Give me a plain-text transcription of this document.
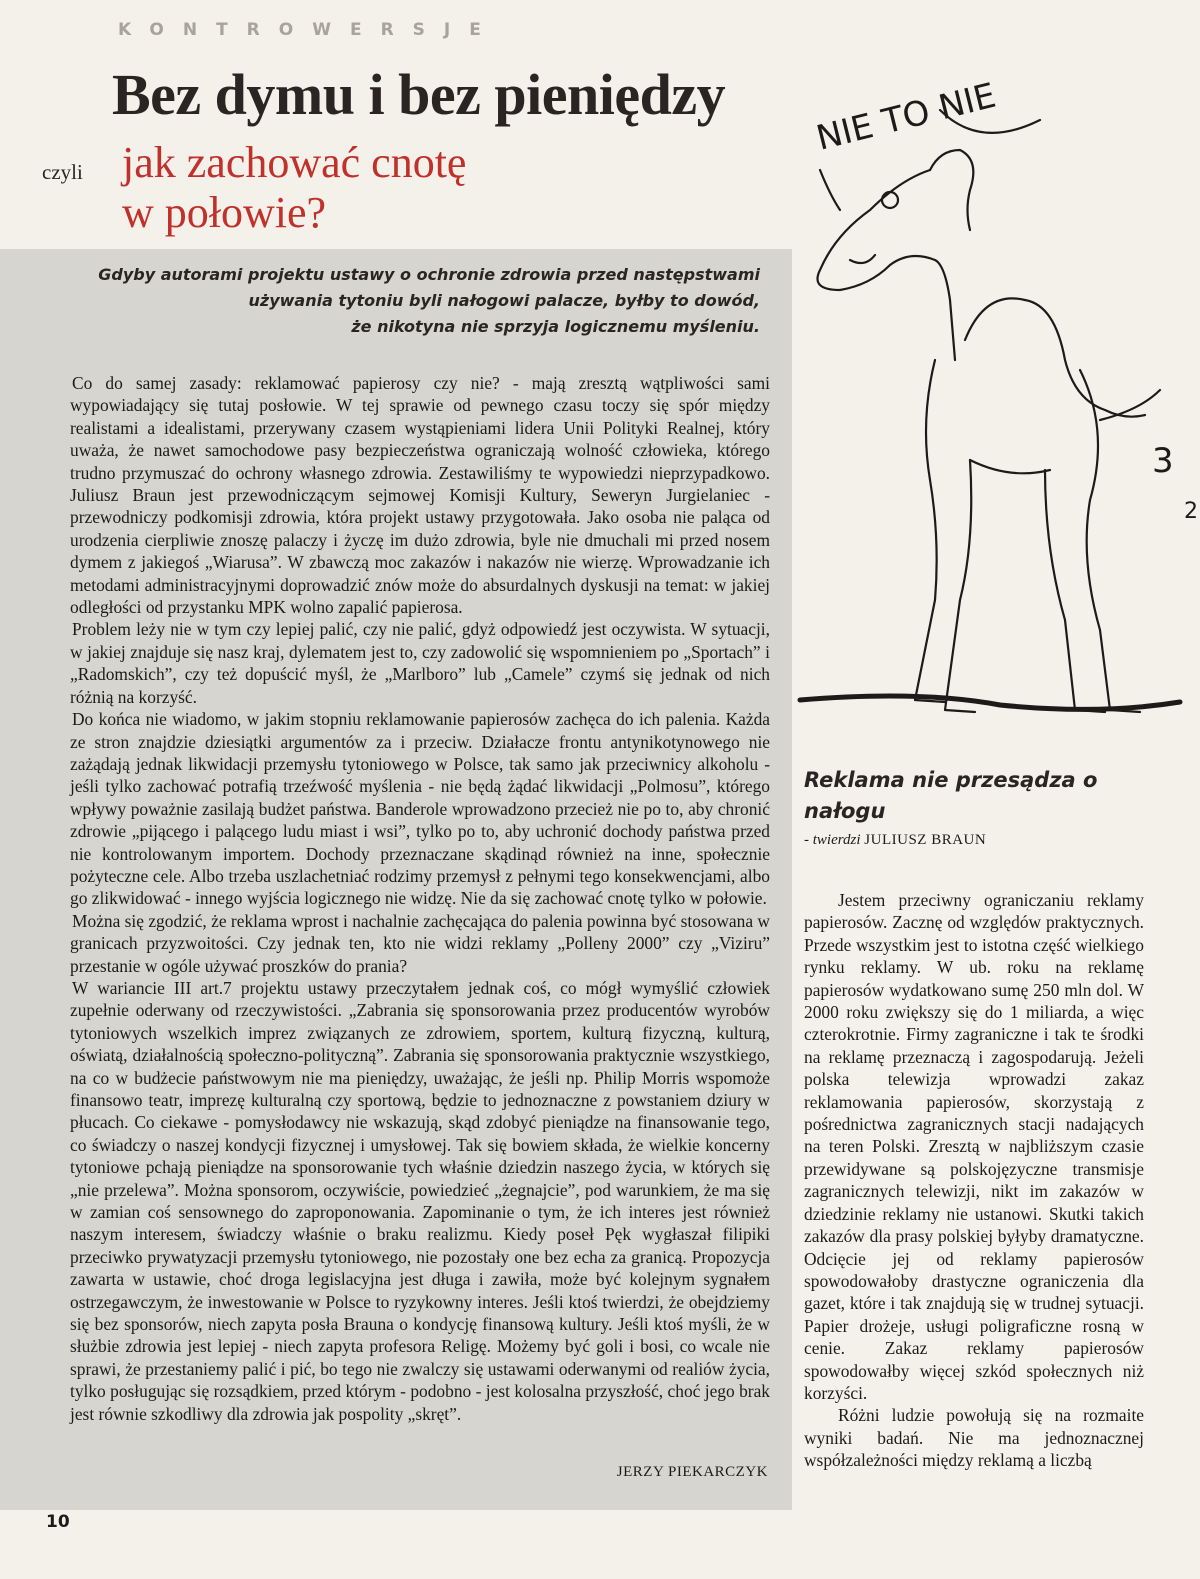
KONTROWERSJE
Bez dymu i bez pieniędzy
czyli jak zachować cnotę
w połowie?
Gdyby autorami projektu ustawy o ochronie zdrowia przed następstwami
używania tytoniu byli nałogowi palacze, byłby to dowód,
że nikotyna nie sprzyja logicznemu myśleniu.

Co do samej zasady: reklamować papierosy czy nie? - mają zresztą wątpliwości sami wypowiadający się tutaj posłowie. W tej sprawie od pewnego czasu toczy się spór między realistami a idealistami, przerywany czasem wystąpieniami lidera Unii Polityki Realnej, który uważa, że nawet samochodowe pasy bezpieczeństwa ograniczają wolność człowieka, którego trudno przymuszać do ochrony własnego zdrowia. Zestawiliśmy te wypowiedzi nieprzypadkowo. Juliusz Braun jest przewodniczącym sejmowej Komisji Kultury, Seweryn Jurgielaniec - przewodniczy podkomisji zdrowia, która projekt ustawy przygotowała. Jako osoba nie paląca od urodzenia cierpliwie znoszę palaczy i życzę im dużo zdrowia, byle nie dmuchali mi przed nosem dymem z jakiegoś „Wiarusa”. W zbawczą moc zakazów i nakazów nie wierzę. Wprowadzanie ich metodami administracyjnymi doprowadzić znów może do absurdalnych dyskusji na temat: w jakiej odległości od przystanku MPK wolno zapalić papierosa.

Problem leży nie w tym czy lepiej palić, czy nie palić, gdyż odpowiedź jest oczywista. W sytuacji, w jakiej znajduje się nasz kraj, dylematem jest to, czy zadowolić się wspomnieniem po „Sportach” i „Radomskich”, czy też dopuścić myśl, że „Marlboro” lub „Camele” czymś się jednak od nich różnią na korzyść.

Do końca nie wiadomo, w jakim stopniu reklamowanie papierosów zachęca do ich palenia. Każda ze stron znajdzie dziesiątki argumentów za i przeciw. Działacze frontu antynikotynowego nie zażądają jednak likwidacji przemysłu tytoniowego w Polsce, tak samo jak przeciwnicy alkoholu - jeśli tylko zachować potrafią trzeźwość myślenia - nie będą żądać likwidacji „Polmosu”, którego wpływy poważnie zasilają budżet państwa. Banderole wprowadzono przecież nie po to, aby chronić zdrowie „pijącego i palącego ludu miast i wsi”, tylko po to, aby uchronić dochody państwa przed nie kontrolowanym importem. Dochody przeznaczane skądinąd również na inne, społecznie pożyteczne cele. Albo trzeba uszlachetniać rodzimy przemysł z pełnymi tego konsekwencjami, albo go zlikwidować - innego wyjścia logicznego nie widzę. Nie da się zachować cnotę tylko w połowie.

Można się zgodzić, że reklama wprost i nachalnie zachęcająca do palenia powinna być stosowana w granicach przyzwoitości. Czy jednak ten, kto nie widzi reklamy „Polleny 2000” czy „Viziru” przestanie w ogóle używać proszków do prania?

W wariancie III art.7 projektu ustawy przeczytałem jednak coś, co mógł wymyślić człowiek zupełnie oderwany od rzeczywistości. „Zabrania się sponsorowania przez producentów wyrobów tytoniowych wszelkich imprez związanych ze zdrowiem, sportem, kulturą fizyczną, kulturą, oświatą, działalnością społeczno-polityczną”. Zabrania się sponsorowania praktycznie wszystkiego, na co w budżecie państwowym nie ma pieniędzy, uważając, że jeśli np. Philip Morris wspomoże finansowo teatr, imprezę kulturalną czy sportową, będzie to jednoznaczne z powstaniem dziury w płucach. Co ciekawe - pomysłodawcy nie wskazują, skąd zdobyć pieniądze na finansowanie tego, co świadczy o naszej kondycji fizycznej i umysłowej. Tak się bowiem składa, że wielkie koncerny tytoniowe pchają pieniądze na sponsorowanie tych właśnie dziedzin naszego życia, w których się „nie przelewa”. Można sponsorom, oczywiście, powiedzieć „żegnajcie”, pod warunkiem, że ma się w zamian coś sensownego do zaproponowania. Zapominanie o tym, że ich interes jest również naszym interesem, świadczy właśnie o braku realizmu. Kiedy poseł Pęk wygłaszał filipiki przeciwko prywatyzacji przemysłu tytoniowego, nie pozostały one bez echa za granicą. Propozycja zawarta w ustawie, choć droga legislacyjna jest długa i zawiła, może być kolejnym sygnałem ostrzegawczym, że inwestowanie w Polsce to ryzykowny interes. Jeśli ktoś twierdzi, że obejdziemy się bez sponsorów, niech zapyta posła Brauna o kondycję finansową kultury. Jeśli ktoś myśli, że w służbie zdrowia jest lepiej - niech zapyta profesora Religę. Możemy być goli i bosi, co wcale nie sprawi, że przestaniemy palić i pić, bo tego nie zwalczy się ustawami oderwanymi od realiów życia, tylko posługując się rozsądkiem, przed którym - podobno - jest kolosalna przyszłość, choć jego brak jest równie szkodliwy dla zdrowia jak pospolity „skręt”.

JERZY PIEKARCZYK
10
NIE TO NIE
3
2
Reklama nie przesądza o nałogu
- twierdzi JULIUSZ BRAUN

Jestem przeciwny ograniczaniu reklamy papierosów. Zacznę od względów praktycznych. Przede wszystkim jest to istotna część wielkiego rynku reklamy. W ub. roku na reklamę papierosów wydatkowano sumę 250 mln dol. W 2000 roku zwiększy się do 1 miliarda, a więc czterokrotnie. Firmy zagraniczne i tak te środki na reklamę przeznaczą i zagospodarują. Jeżeli polska telewizja wprowadzi zakaz reklamowania papierosów, skorzystają z pośrednictwa zagranicznych stacji nadających na teren Polski. Zresztą w najbliższym czasie przewidywane są polskojęzyczne transmisje zagranicznych telewizji, nikt im zakazów w dziedzinie reklamy nie ustanowi. Skutki takich zakazów dla prasy polskiej byłyby dramatyczne. Odcięcie jej od reklamy papierosów spowodowałoby drastyczne ograniczenia dla gazet, które i tak znajdują się w trudnej sytuacji. Papier drożeje, usługi poligraficzne rosną w cenie. Zakaz reklamy papierosów spowodowałby więcej szkód społecznych niż korzyści.

Różni ludzie powołują się na rozmaite wyniki badań. Nie ma jednoznacznej współzależności między reklamą a liczbą
